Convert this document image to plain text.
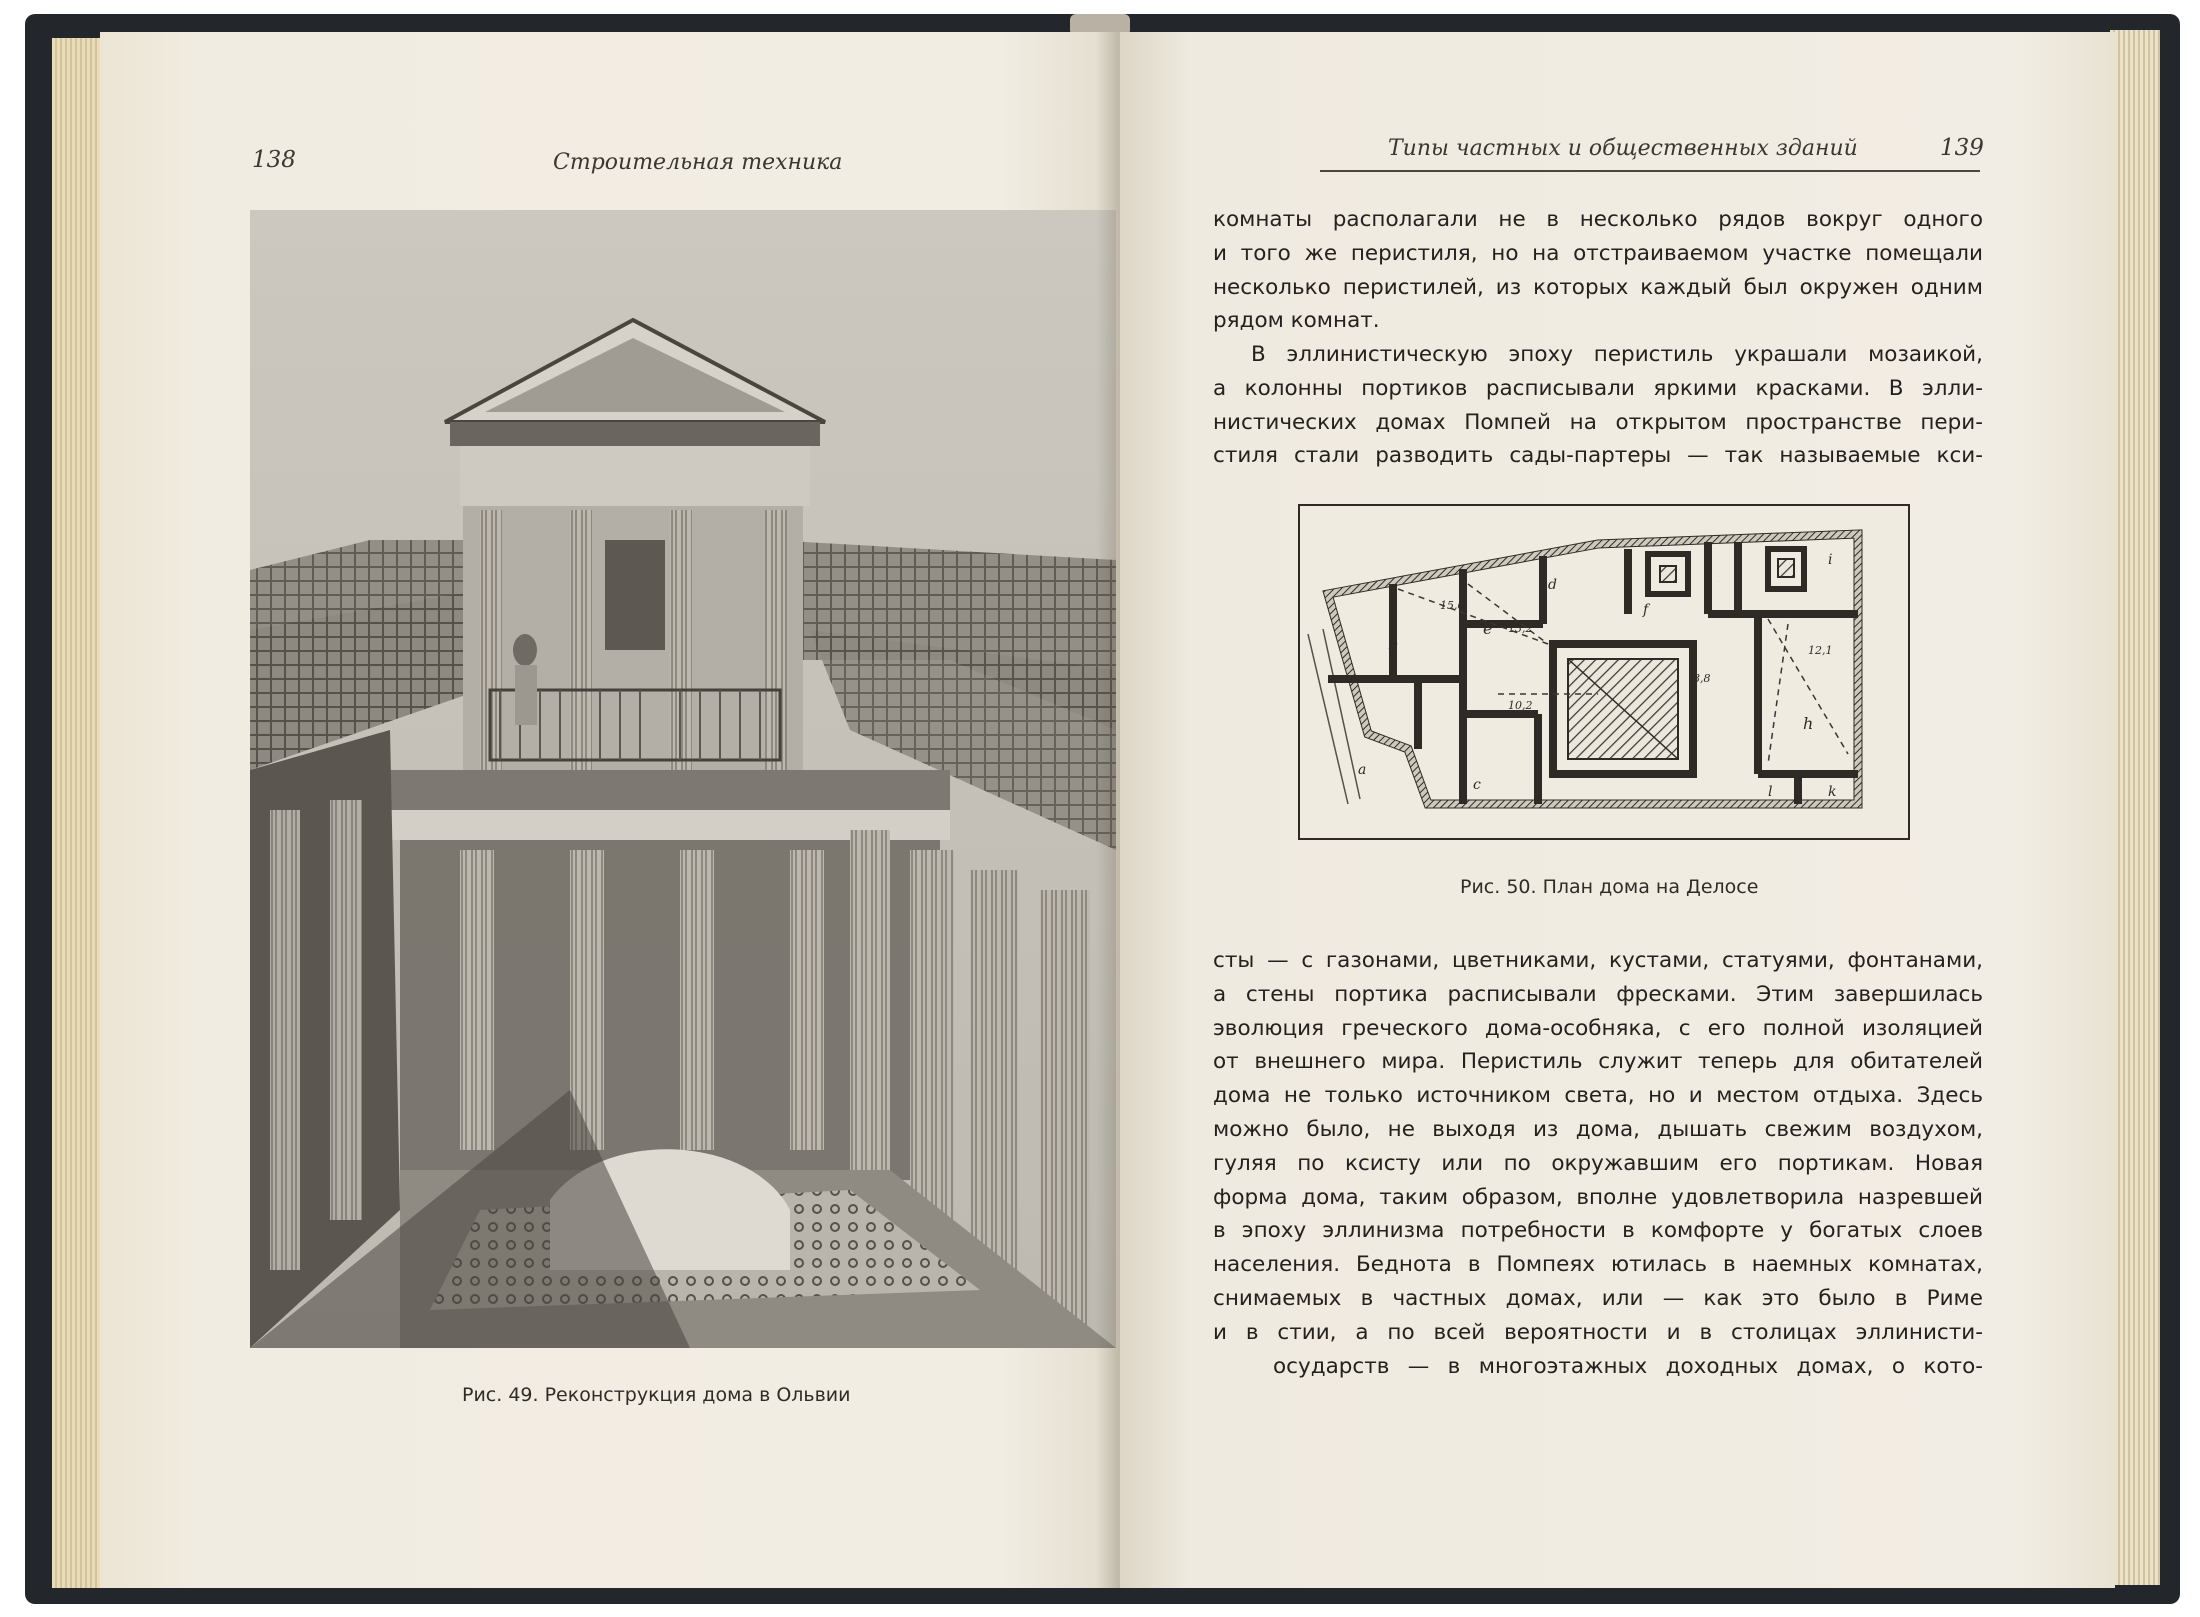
138	Строительная техника
Рис. 49. Реконструкция дома в Ольвии
Типы частных и общественных зданий	139
комнаты располагали не в несколько рядов вокруг одного
и того же перистиля, но на отстраиваемом участке помещали
несколько перистилей, из которых каждый был окружен одним
рядом комнат.
В эллинистическую эпоху перистиль украшали мозаикой,
а колонны портиков расписывали яркими красками. В элли-
нистических домах Помпей на открытом пространстве пери-
стиля стали разводить сады-партеры — так называемые кси-
b
e
d
f
i
h
a
c	l	k
g
15,6
13,2
10,2
8,8
12,1
Рис. 50. План дома на Делосе
сты — с газонами, цветниками, кустами, статуями, фонтанами,
а стены портика расписывали фресками. Этим завершилась
эволюция греческого дома-особняка, с его полной изоляцией
от внешнего мира. Перистиль служит теперь для обитателей
дома не только источником света, но и местом отдыха. Здесь
можно было, не выходя из дома, дышать свежим воздухом,
гуляя по ксисту или по окружавшим его портикам. Новая
форма дома, таким образом, вполне удовлетворила назревшей
в эпоху эллинизма потребности в комфорте у богатых слоев
населения. Беднота в Помпеях ютилась в наемных комнатах,
снимаемых в частных домах, или — как это было в Риме
и в стии, а по всей вероятности и в столицах эллинисти-
осударств — в многоэтажных доходных домах, о кото-
